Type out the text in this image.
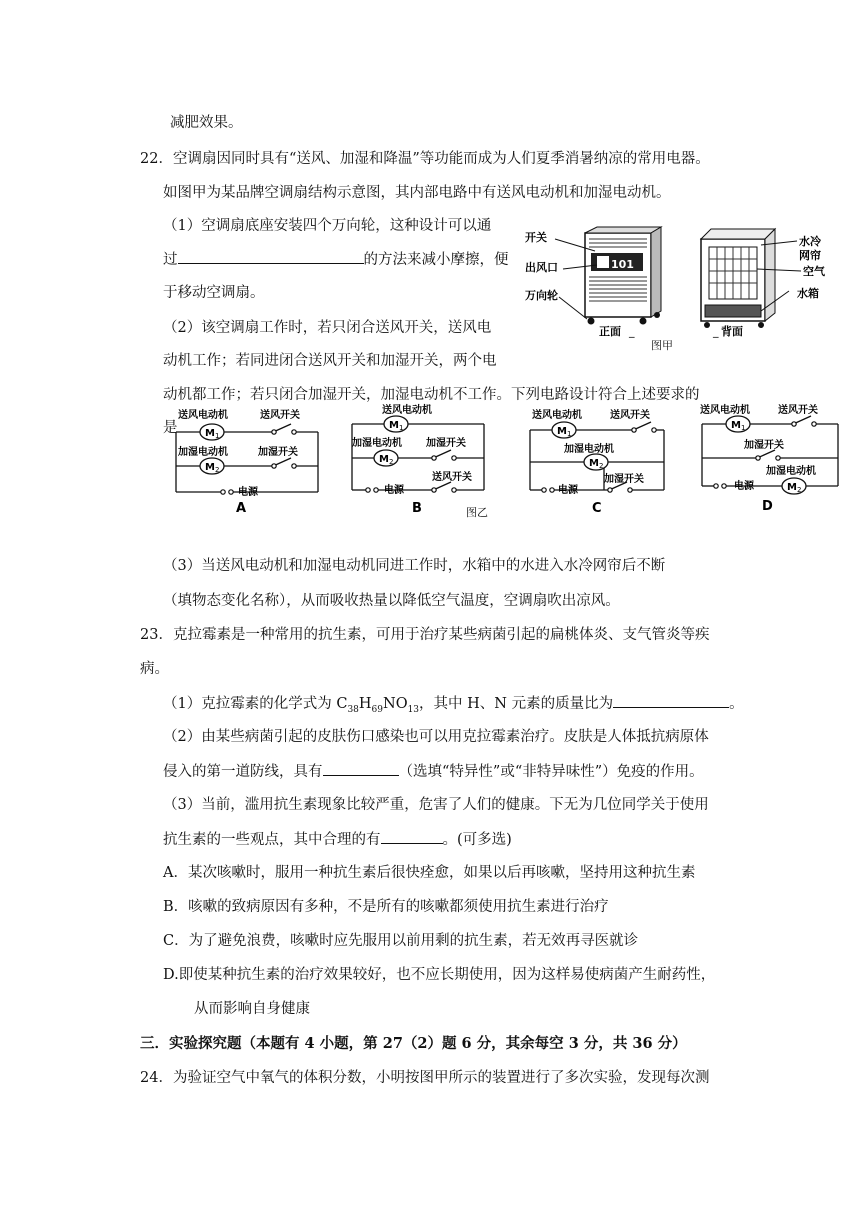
减肥效果。
22．空调扇因同时具有“送风、加湿和降温”等功能而成为人们夏季消暑纳凉的常用电器。
如图甲为某品牌空调扇结构示意图，其内部电路中有送风电动机和加湿电动机。
（1）空调扇底座安装四个万向轮，这种设计可以通
过	的方法来减小摩擦，便
于移动空调扇。
（2）该空调扇工作时，若只闭合送风开关，送风电
动机工作；若同进闭合送风开关和加湿开关，两个电
动机都工作；若只闭合加湿开关，加湿电动机不工作。下列电路设计符合上述要求的
是
101
开关
出风口
万向轮
正面 _
水冷
网帘
空气
水箱
_ 背面
图甲
M 1
M 2
送风电动机	送风开关
加湿电动机	加湿开关
电源
A
M 1
M 2
送风电动机
加湿电动机 加湿开关
电源
送风开关
B
M 1
M 2
送风电动机	送风开关
加湿电动机
电源
加湿开关
C
M 1
M 2
送风电动机	送风开关
加湿开关
电源
加湿电动机
D
图乙
（3）当送风电动机和加湿电动机同进工作时，水箱中的水进入水冷网帘后不断
（填物态变化名称），从而吸收热量以降低空气温度，空调扇吹出凉风。
23．克拉霉素是一种常用的抗生素，可用于治疗某些病菌引起的扁桃体炎、支气管炎等疾
病。
（1）克拉霉素的化学式为 $C_{38}H_{69}NO_{13}$，其中 H、N 元素的质量比为	。
（2）由某些病菌引起的皮肤伤口感染也可以用克拉霉素治疗。皮肤是人体抵抗病原体
侵入的第一道防线，具有	（选填“特异性”或“非特异味性”）免疫的作用。
（3）当前，滥用抗生素现象比较严重，危害了人们的健康。下无为几位同学关于使用
抗生素的一些观点，其中合理的有	。(可多选)
A．某次咳嗽时，服用一种抗生素后很快痊愈，如果以后再咳嗽，坚持用这种抗生素
B．咳嗽的致病原因有多种，不是所有的咳嗽都须使用抗生素进行治疗
C．为了避免浪费，咳嗽时应先服用以前用剩的抗生素，若无效再寻医就诊
D.即使某种抗生素的治疗效果较好，也不应长期使用，因为这样易使病菌产生耐药性，
从而影响自身健康
三．实验探究题（本题有 4 小题，第 27（2）题 6 分，其余每空 3 分，共 36 分）
24．为验证空气中氧气的体积分数，小明按图甲所示的装置进行了多次实验，发现每次测
